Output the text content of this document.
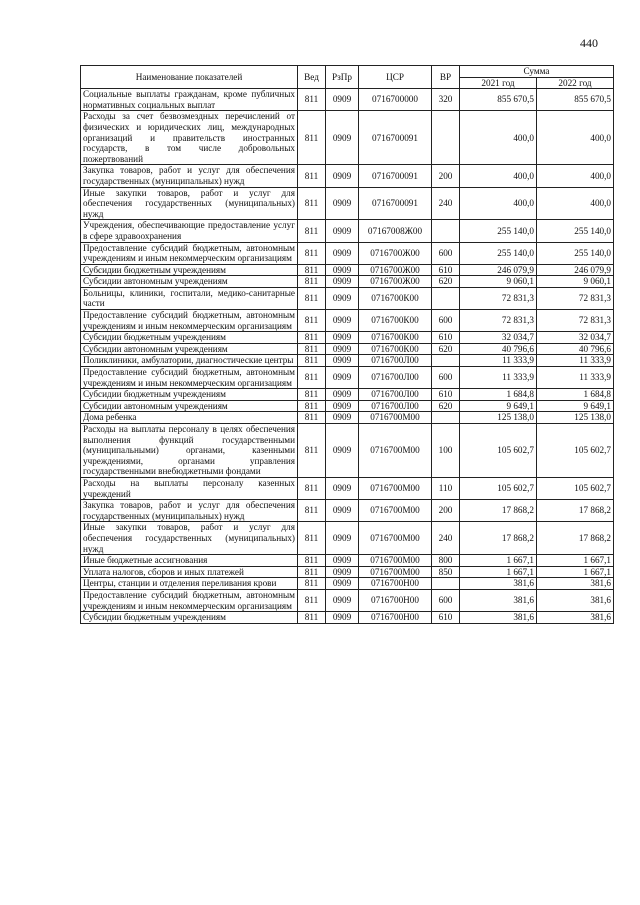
440
Наименование показателей	Вед	РзПр	ЦСР	ВР	Сумма	
					2021 год	2022 год
Социальные выплаты гражданам, кроме публичных нормативных социальных выплат	811	0909	0716700000	320	855 670,5	855 670,5
Расходы за счет безвозмездных перечислений от физических и юридических лиц, международных организаций и правительств иностранных государств, в том числе добровольных пожертвований	811	0909	0716700091		400,0	400,0
Закупка товаров, работ и услуг для обеспечения государственных (муниципальных) нужд	811	0909	0716700091	200	400,0	400,0
Иные закупки товаров, работ и услуг для обеспечения государственных (муниципальных) нужд	811	0909	0716700091	240	400,0	400,0
Учреждения, обеспечивающие предоставление услуг в сфере здравоохранения	811	0909	07167008Ж00		255 140,0	255 140,0
Предоставление субсидий бюджетным, автономным учреждениям и иным некоммерческим организациям	811	0909	0716700Ж00	600	255 140,0	255 140,0
Субсидии бюджетным учреждениям	811	0909	0716700Ж00	610	246 079,9	246 079,9
Субсидии автономным учреждениям	811	0909	0716700Ж00	620	9 060,1	9 060,1
Больницы, клиники, госпитали, медико-санитарные части	811	0909	0716700К00		72 831,3	72 831,3
Предоставление субсидий бюджетным, автономным учреждениям и иным некоммерческим организациям	811	0909	0716700К00	600	72 831,3	72 831,3
Субсидии бюджетным учреждениям	811	0909	0716700К00	610	32 034,7	32 034,7
Субсидии автономным учреждениям	811	0909	0716700К00	620	40 796,6	40 796,6
Поликлиники, амбулатории, диагностические центры	811	0909	0716700Л00		11 333,9	11 333,9
Предоставление субсидий бюджетным, автономным учреждениям и иным некоммерческим организациям	811	0909	0716700Л00	600	11 333,9	11 333,9
Субсидии бюджетным учреждениям	811	0909	0716700Л00	610	1 684,8	1 684,8
Субсидии автономным учреждениям	811	0909	0716700Л00	620	9 649,1	9 649,1
Дома ребенка	811	0909	0716700М00		125 138,0	125 138,0
Расходы на выплаты персоналу в целях обеспечения выполнения функций государственными (муниципальными) органами, казенными учреждениями, органами управления государственными внебюджетными фондами	811	0909	0716700М00	100	105 602,7	105 602,7
Расходы на выплаты персоналу казенных учреждений	811	0909	0716700М00	110	105 602,7	105 602,7
Закупка товаров, работ и услуг для обеспечения государственных (муниципальных) нужд	811	0909	0716700М00	200	17 868,2	17 868,2
Иные закупки товаров, работ и услуг для обеспечения государственных (муниципальных) нужд	811	0909	0716700М00	240	17 868,2	17 868,2
Иные бюджетные ассигнования	811	0909	0716700М00	800	1 667,1	1 667,1
Уплата налогов, сборов и иных платежей	811	0909	0716700М00	850	1 667,1	1 667,1
Центры, станции и отделения переливания крови	811	0909	0716700Н00		381,6	381,6
Предоставление субсидий бюджетным, автономным учреждениям и иным некоммерческим организациям	811	0909	0716700Н00	600	381,6	381,6
Субсидии бюджетным учреждениям	811	0909	0716700Н00	610	381,6	381,6
